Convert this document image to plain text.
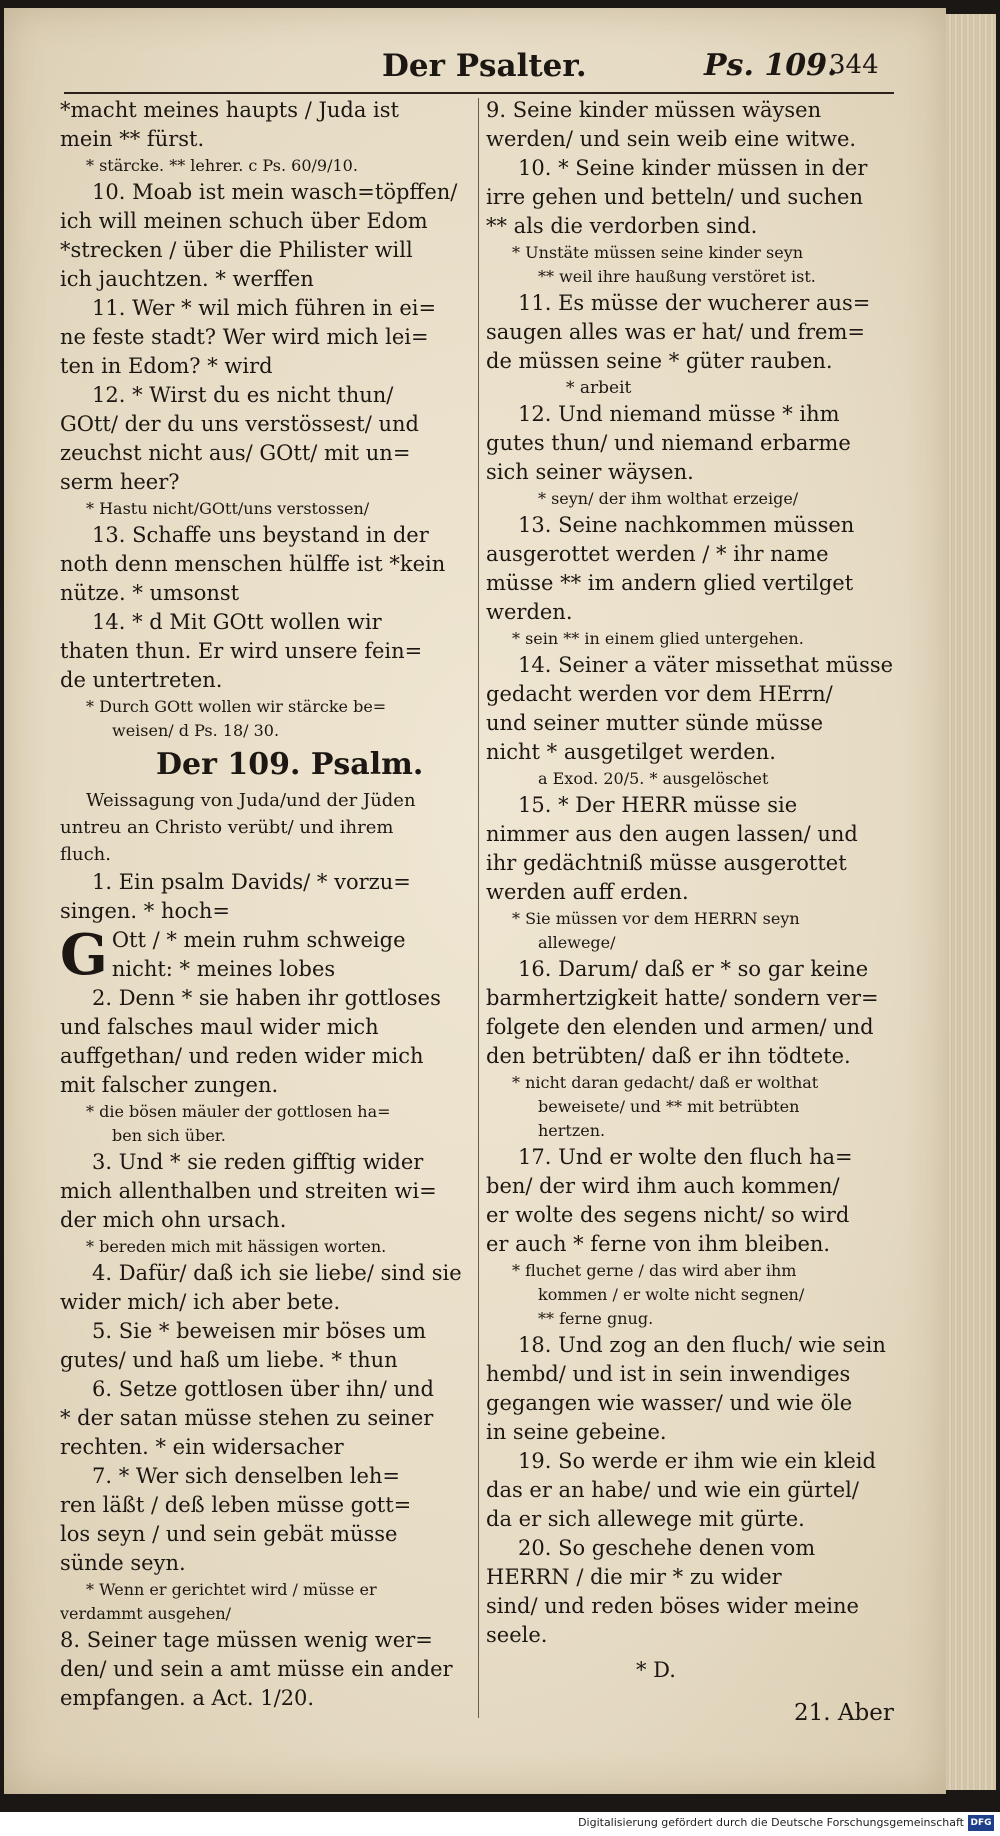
Der Psalter.	Ps. 109.
344

*macht meines haupts / Juda ist

mein ** fürst.

* stärcke. ** lehrer. c Ps. 60/9/10.

10. Moab ist mein wasch=töpffen/

ich will meinen schuch über Edom

*strecken / über die Philister will

ich jauchtzen. * werffen

11. Wer * wil mich führen in ei=

ne feste stadt? Wer wird mich lei=

ten in Edom? * wird

12. * Wirst du es nicht thun/

GOtt/ der du uns verstössest/ und

zeuchst nicht aus/ GOtt/ mit un=

serm heer?

* Hastu nicht/GOtt/uns verstossen/

13. Schaffe uns beystand in der

noth denn menschen hülffe ist *kein

nütze. * umsonst

14. * d Mit GOtt wollen wir

thaten thun. Er wird unsere fein=

de untertreten.

* Durch GOtt wollen wir stärcke be=
weisen/ d Ps. 18/ 30.
Der 109. Psalm.
Weissagung von Juda/und der Jüden
untreu an Christo verübt/ und ihrem
fluch.

1. Ein psalm Davids/ * vorzu=

singen. * hoch=

G Ott / * mein ruhm schweige

nicht: * meines lobes

2. Denn * sie haben ihr gottloses

und falsches maul wider mich

auffgethan/ und reden wider mich

mit falscher zungen.

* die bösen mäuler der gottlosen ha=
ben sich über.

3. Und * sie reden gifftig wider

mich allenthalben und streiten wi=

der mich ohn ursach.

* bereden mich mit hässigen worten.

4. Dafür/ daß ich sie liebe/ sind sie

wider mich/ ich aber bete.

5. Sie * beweisen mir böses um

gutes/ und haß um liebe. * thun

6. Setze gottlosen über ihn/ und

* der satan müsse stehen zu seiner

rechten. * ein widersacher

7. * Wer sich denselben leh=

ren läßt / deß leben müsse gott=

los seyn / und sein gebät müsse

sünde seyn.

* Wenn er gerichtet wird / müsse er
verdammt ausgehen/

8. Seiner tage müssen wenig wer=

den/ und sein a amt müsse ein ander

empfangen. a Act. 1/20.

9. Seine kinder müssen wäysen

werden/ und sein weib eine witwe.

10. * Seine kinder müssen in der

irre gehen und betteln/ und suchen

** als die verdorben sind.

* Unstäte müssen seine kinder seyn
** weil ihre haußung verstöret ist.

11. Es müsse der wucherer aus=

saugen alles was er hat/ und frem=

de müssen seine * güter rauben.

* arbeit

12. Und niemand müsse * ihm

gutes thun/ und niemand erbarme

sich seiner wäysen.

* seyn/ der ihm wolthat erzeige/

13. Seine nachkommen müssen

ausgerottet werden / * ihr name

müsse ** im andern glied vertilget

werden.

* sein ** in einem glied untergehen.

14. Seiner a väter missethat müsse

gedacht werden vor dem HErrn/

und seiner mutter sünde müsse

nicht * ausgetilget werden.

a Exod. 20/5. * ausgelöschet

15. * Der HERR müsse sie

nimmer aus den augen lassen/ und

ihr gedächtniß müsse ausgerottet

werden auff erden.

* Sie müssen vor dem HERRN seyn
allewege/

16. Darum/ daß er * so gar keine

barmhertzigkeit hatte/ sondern ver=

folgete den elenden und armen/ und

den betrübten/ daß er ihn tödtete.

* nicht daran gedacht/ daß er wolthat
beweisete/ und ** mit betrübten
hertzen.

17. Und er wolte den fluch ha=

ben/ der wird ihm auch kommen/

er wolte des segens nicht/ so wird

er auch * ferne von ihm bleiben.

* fluchet gerne / das wird aber ihm
kommen / er wolte nicht segnen/
** ferne gnug.

18. Und zog an den fluch/ wie sein

hembd/ und ist in sein inwendiges

gegangen wie wasser/ und wie öle

in seine gebeine.

19. So werde er ihm wie ein kleid

das er an habe/ und wie ein gürtel/

da er sich allewege mit gürte.

20. So geschehe denen vom

HERRN / die mir * zu wider

sind/ und reden böses wider meine

seele.

* D.
21. Aber
Digitalisierung gefördert durch die Deutsche Forschungsgemeinschaft DFG
